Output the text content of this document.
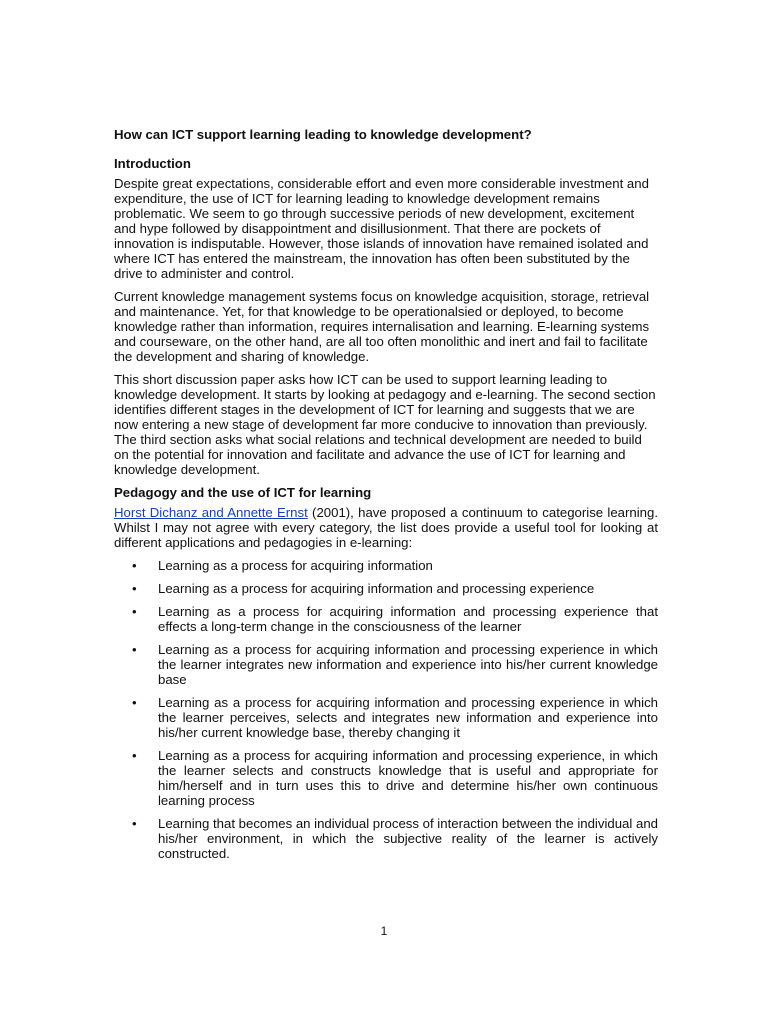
How can ICT support learning leading to knowledge development?
Introduction

Despite great expectations, considerable effort and even more considerable investment and expenditure, the use of ICT for learning leading to knowledge development remains problematic. We seem to go through successive periods of new development, excitement and hype followed by disappointment and disillusionment. That there are pockets of innovation is indisputable. However, those islands of innovation have remained isolated and where ICT has entered the mainstream, the innovation has often been substituted by the drive to administer and control.

Current knowledge management systems focus on knowledge acquisition, storage, retrieval and maintenance. Yet, for that knowledge to be operationalsied or deployed, to become knowledge rather than information, requires internalisation and learning. E-learning systems and courseware, on the other hand, are all too often monolithic and inert and fail to facilitate the development and sharing of knowledge.

This short discussion paper asks how ICT can be used to support learning leading to knowledge development. It starts by looking at pedagogy and e-learning. The second section identifies different stages in the development of ICT for learning and suggests that we are now entering a new stage of development far more conducive to innovation than previously. The third section asks what social relations and technical development are needed to build on the potential for innovation and facilitate and advance the use of ICT for learning and knowledge development.

Pedagogy and the use of ICT for learning

Horst Dichanz and Annette Ernst (2001), have proposed a continuum to categorise learning. Whilst I may not agree with every category, the list does provide a useful tool for looking at different applications and pedagogies in e-learning:

• Learning as a process for acquiring information
• Learning as a process for acquiring information and processing experience
• Learning as a process for acquiring information and processing experience that effects a long-term change in the consciousness of the learner
• Learning as a process for acquiring information and processing experience in which the learner integrates new information and experience into his/her current knowledge base
• Learning as a process for acquiring information and processing experience in which the learner perceives, selects and integrates new information and experience into his/her current knowledge base, thereby changing it
• Learning as a process for acquiring information and processing experience, in which the learner selects and constructs knowledge that is useful and appropriate for him/herself and in turn uses this to drive and determine his/her own continuous learning process
• Learning that becomes an individual process of interaction between the individual and his/her environment, in which the subjective reality of the learner is actively constructed.
1
